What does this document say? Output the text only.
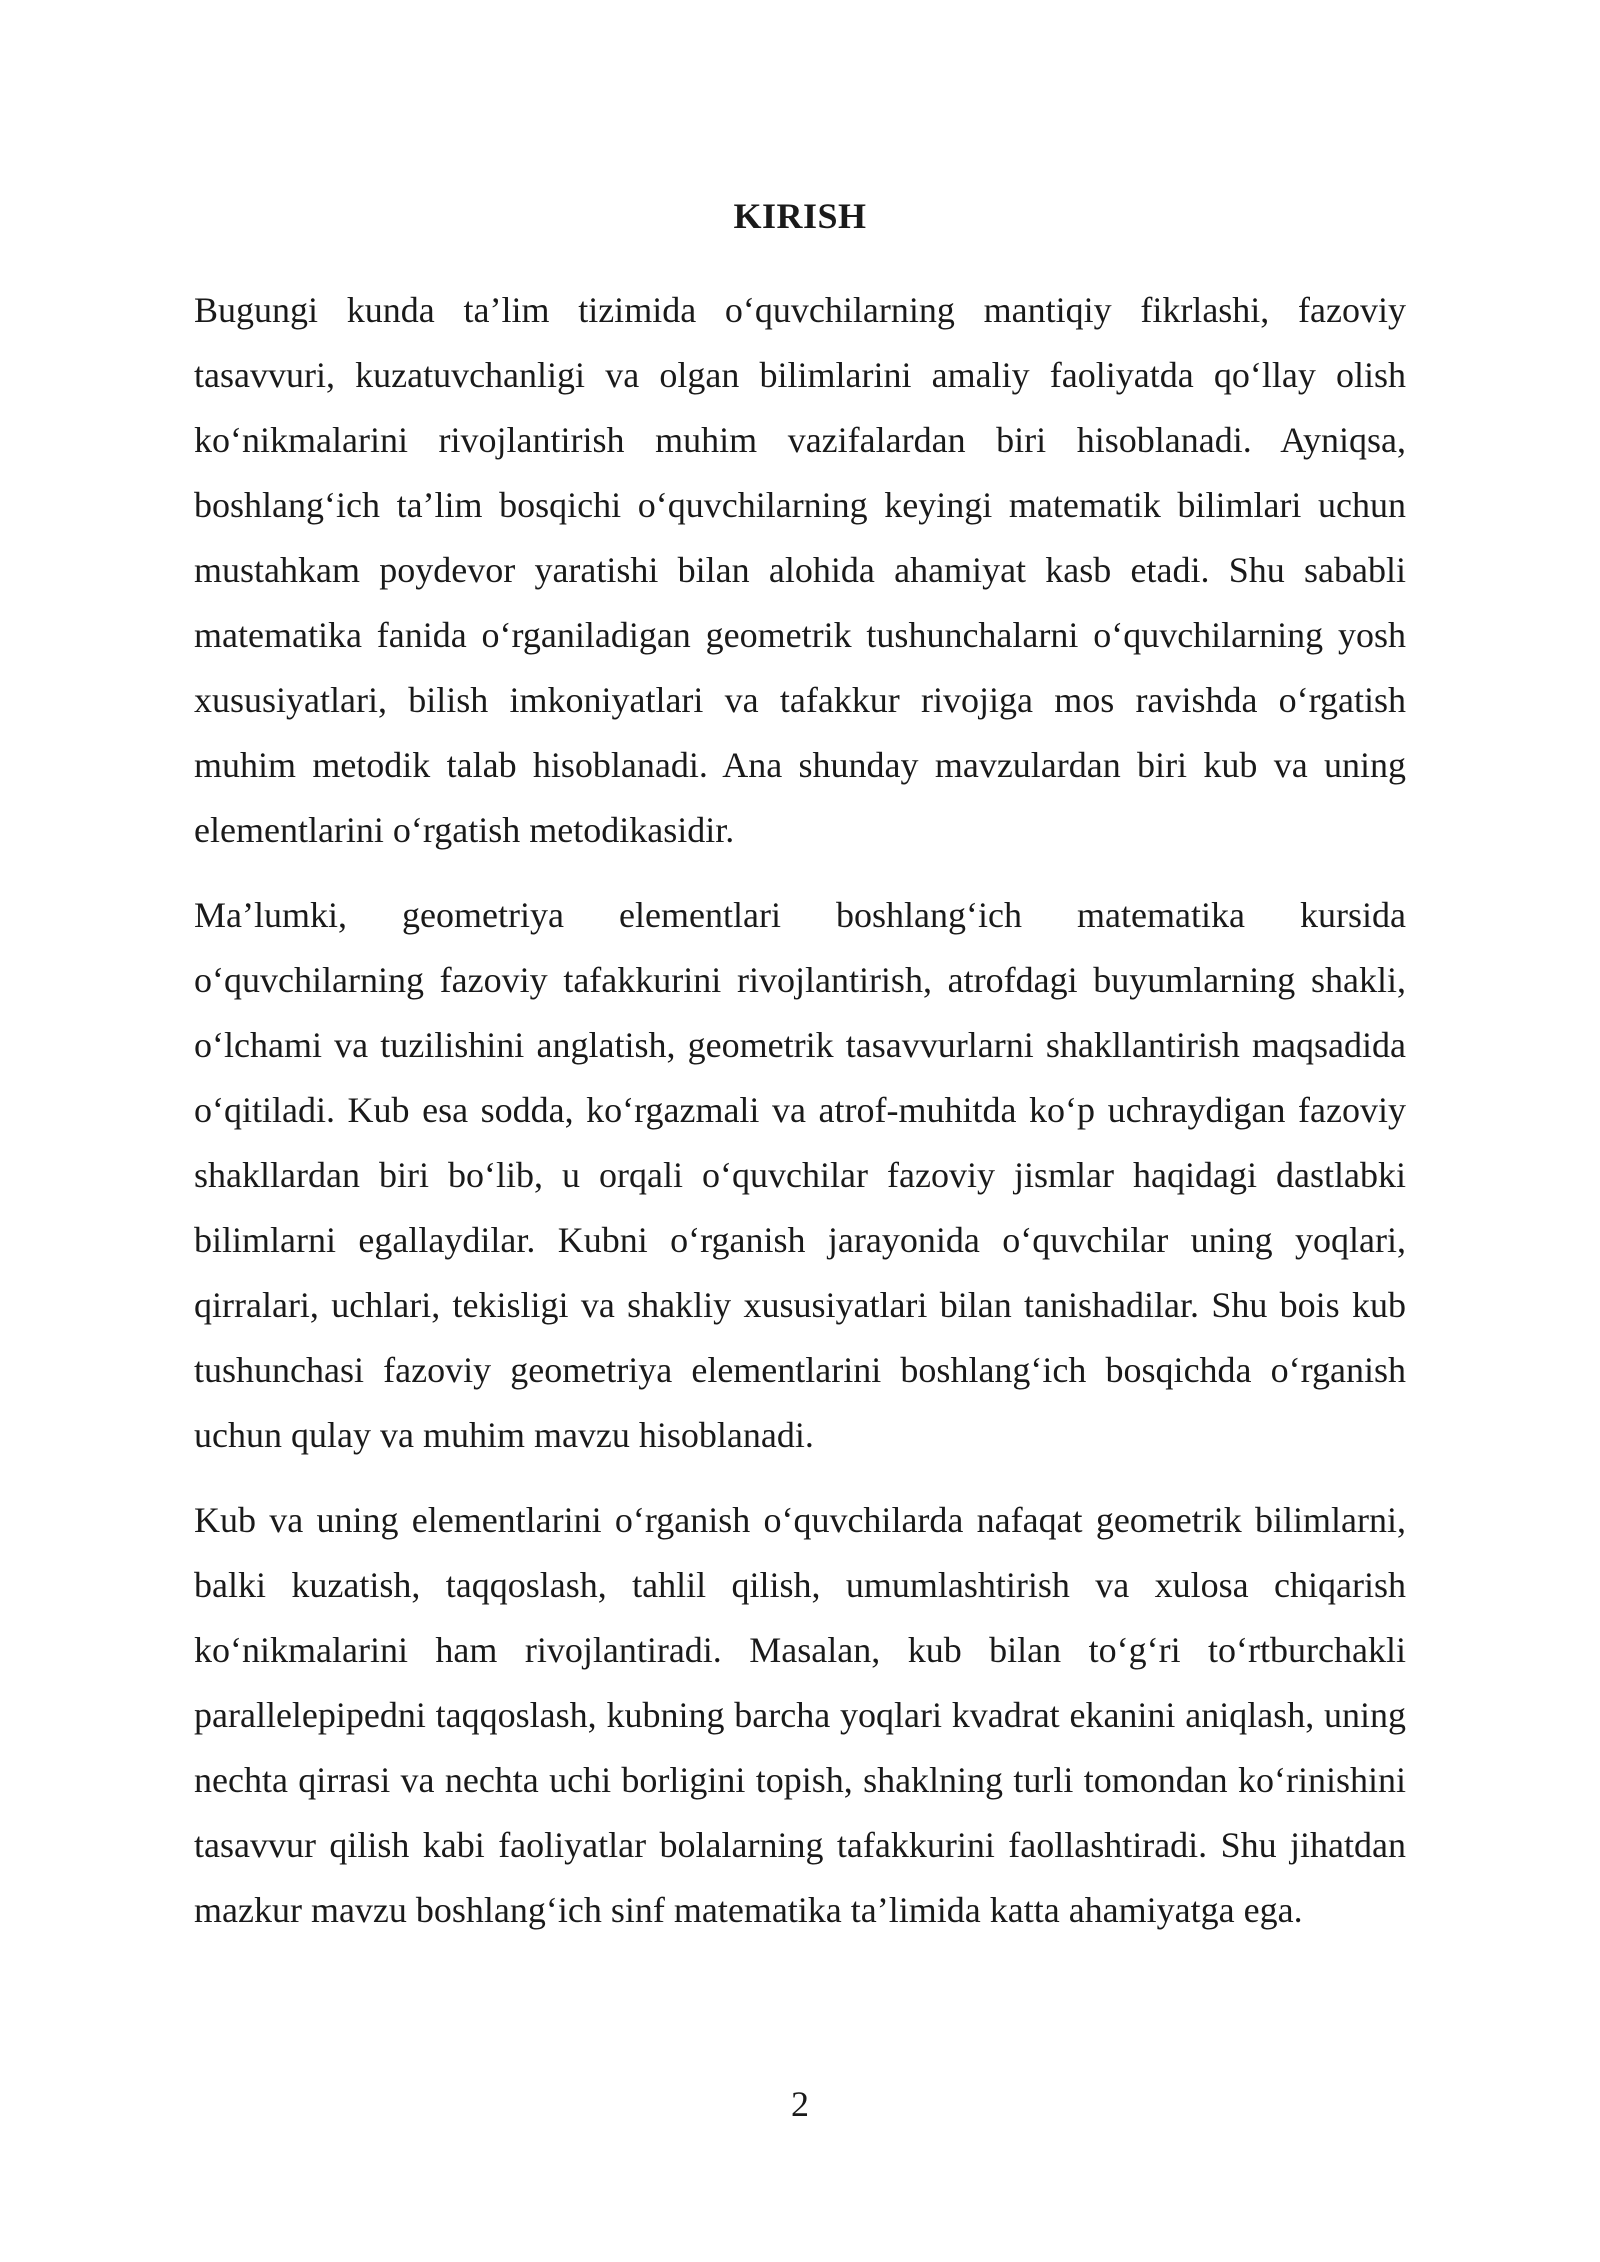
KIRISH

Bugungi kunda ta’lim tizimida o‘quvchilarning mantiqiy fikrlashi, fazoviy tasavvuri, kuzatuvchanligi va olgan bilimlarini amaliy faoliyatda qo‘llay olish ko‘nikmalarini rivojlantirish muhim vazifalardan biri hisoblanadi. Ayniqsa, boshlang‘ich ta’lim bosqichi o‘quvchilarning keyingi matematik bilimlari uchun mustahkam poydevor yaratishi bilan alohida ahamiyat kasb etadi. Shu sababli matematika fanida o‘rganiladigan geometrik tushunchalarni o‘quvchilarning yosh xususiyatlari, bilish imkoniyatlari va tafakkur rivojiga mos ravishda o‘rgatish muhim metodik talab hisoblanadi. Ana shunday mavzulardan biri kub va uning elementlarini o‘rgatish metodikasidir.

Ma’lumki, geometriya elementlari boshlang‘ich matematika kursida o‘quvchilarning fazoviy tafakkurini rivojlantirish, atrofdagi buyumlarning shakli, o‘lchami va tuzilishini anglatish, geometrik tasavvurlarni shakllantirish maqsadida o‘qitiladi. Kub esa sodda, ko‘rgazmali va atrof-muhitda ko‘p uchraydigan fazoviy shakllardan biri bo‘lib, u orqali o‘quvchilar fazoviy jismlar haqidagi dastlabki bilimlarni egallaydilar. Kubni o‘rganish jarayonida o‘quvchilar uning yoqlari, qirralari, uchlari, tekisligi va shakliy xususiyatlari bilan tanishadilar. Shu bois kub tushunchasi fazoviy geometriya elementlarini boshlang‘ich bosqichda o‘rganish uchun qulay va muhim mavzu hisoblanadi.

Kub va uning elementlarini o‘rganish o‘quvchilarda nafaqat geometrik bilimlarni, balki kuzatish, taqqoslash, tahlil qilish, umumlashtirish va xulosa chiqarish ko‘nikmalarini ham rivojlantiradi. Masalan, kub bilan to‘g‘ri to‘rtburchakli parallelepipedni taqqoslash, kubning barcha yoqlari kvadrat ekanini aniqlash, uning nechta qirrasi va nechta uchi borligini topish, shaklning turli tomondan ko‘rinishini tasavvur qilish kabi faoliyatlar bolalarning tafakkurini faollashtiradi. Shu jihatdan mazkur mavzu boshlang‘ich sinf matematika ta’limida katta ahamiyatga ega.

2
